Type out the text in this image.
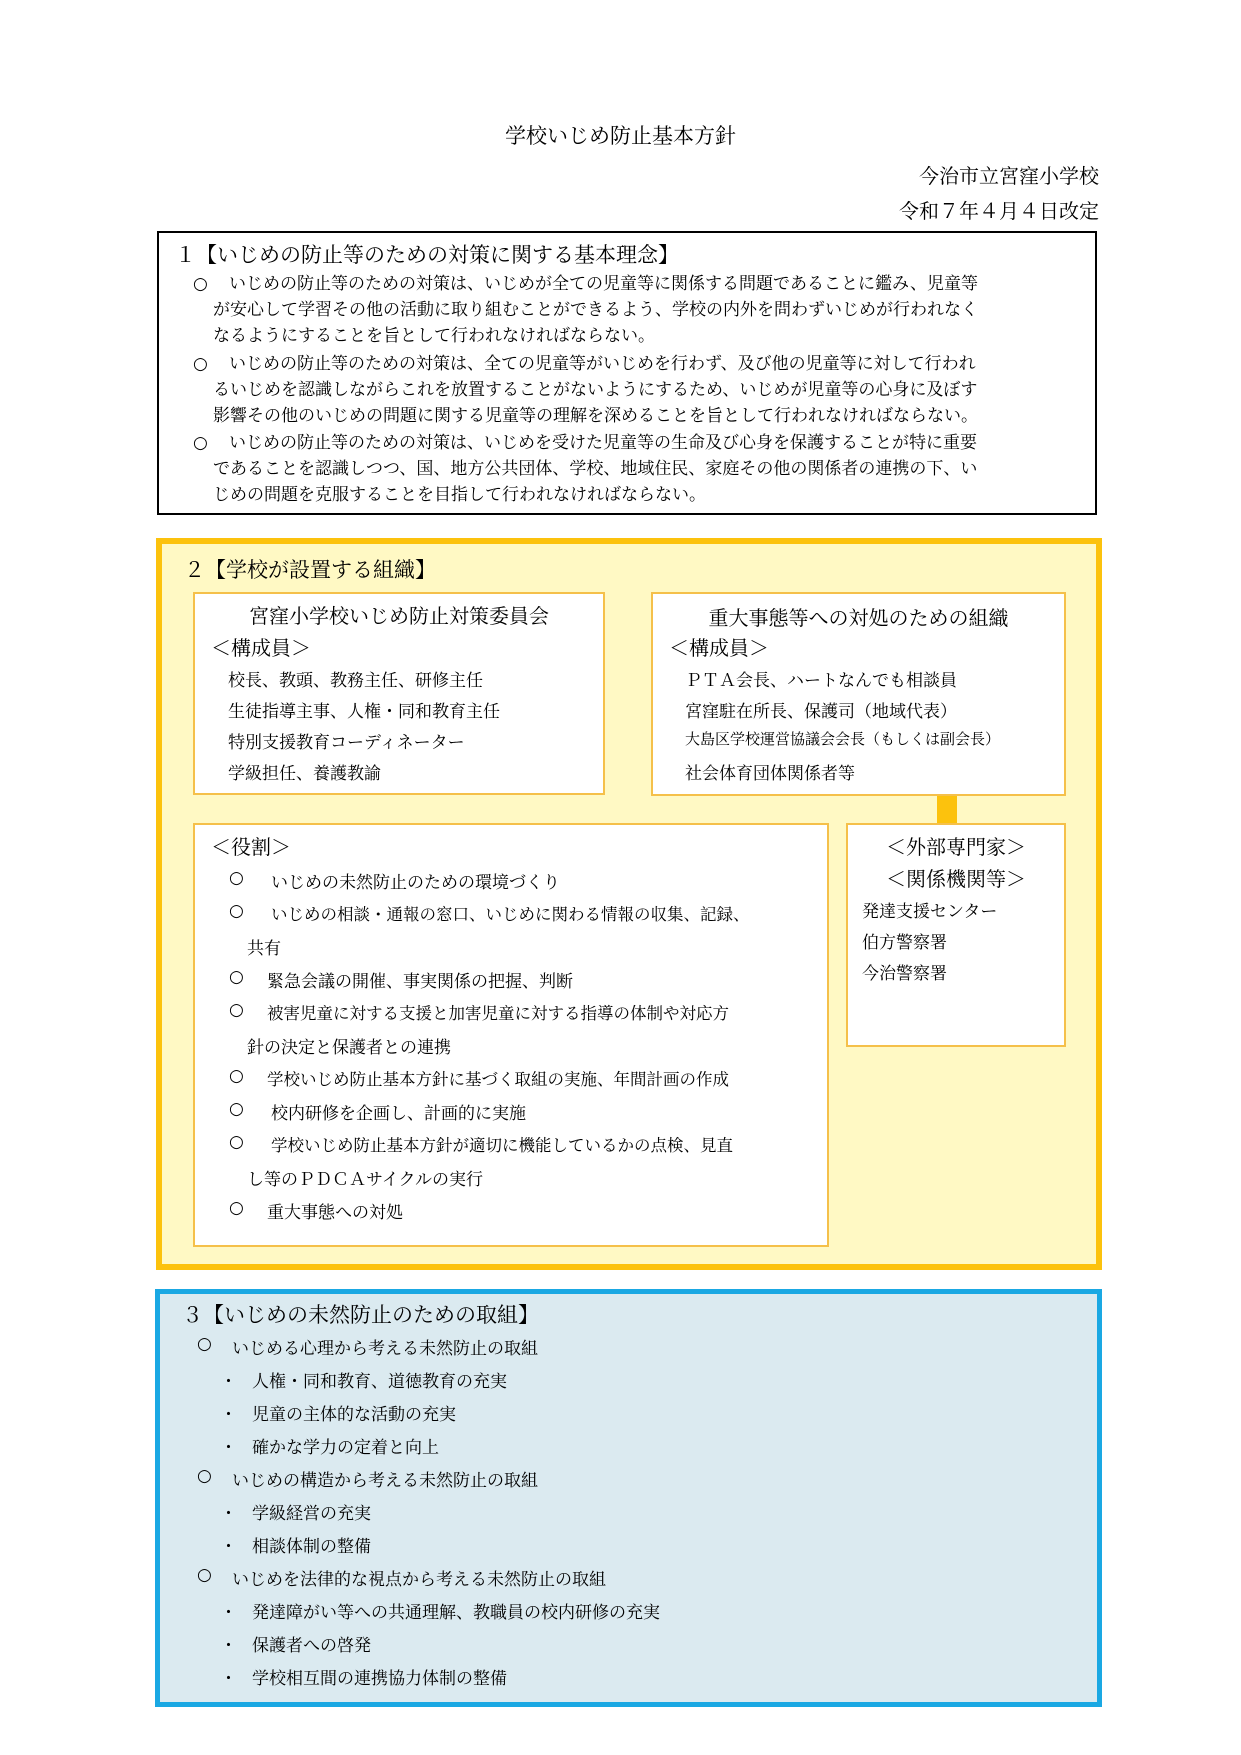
学校いじめ防止基本方針
今治市立宮窪小学校
令和７年４月４日改定
１【いじめの防止等のための対策に関する基本理念】
○ いじめの防止等のための対策は、いじめが全ての児童等に関係する問題であることに鑑み、児童等
が安心して学習その他の活動に取り組むことができるよう、学校の内外を問わずいじめが行われなく
なるようにすることを旨として行われなければならない。
○ いじめの防止等のための対策は、全ての児童等がいじめを行わず、及び他の児童等に対して行われ
るいじめを認識しながらこれを放置することがないようにするため、いじめが児童等の心身に及ぼす
影響その他のいじめの問題に関する児童等の理解を深めることを旨として行われなければならない。
○ いじめの防止等のための対策は、いじめを受けた児童等の生命及び心身を保護することが特に重要
であることを認識しつつ、国、地方公共団体、学校、地域住民、家庭その他の関係者の連携の下、い
じめの問題を克服することを目指して行われなければならない。
２【学校が設置する組織】
宮窪小学校いじめ防止対策委員会
＜構成員＞
校長、教頭、教務主任、研修主任
生徒指導主事、人権・同和教育主任
特別支援教育コーディネーター
学級担任、養護教諭
重大事態等への対処のための組織
＜構成員＞
ＰＴＡ会長、ハートなんでも相談員
宮窪駐在所長、保護司（地域代表）
大島区学校運営協議会会長（もしくは副会長）
社会体育団体関係者等
＜役割＞
○ いじめの未然防止のための環境づくり
○ いじめの相談・通報の窓口、いじめに関わる情報の収集、記録、
共有
○ 緊急会議の開催、事実関係の把握、判断
○ 被害児童に対する支援と加害児童に対する指導の体制や対応方
針の決定と保護者との連携
○ 学校いじめ防止基本方針に基づく取組の実施、年間計画の作成
○ 校内研修を企画し、計画的に実施
○ 学校いじめ防止基本方針が適切に機能しているかの点検、見直
し等のＰＤＣＡサイクルの実行
○ 重大事態への対処
＜外部専門家＞
＜関係機関等＞
発達支援センター
伯方警察署
今治警察署
３【いじめの未然防止のための取組】
○ いじめる心理から考える未然防止の取組
・ 人権・同和教育、道徳教育の充実
・ 児童の主体的な活動の充実
・ 確かな学力の定着と向上
○ いじめの構造から考える未然防止の取組
・ 学級経営の充実
・ 相談体制の整備
○ いじめを法律的な視点から考える未然防止の取組
・ 発達障がい等への共通理解、教職員の校内研修の充実
・ 保護者への啓発
・ 学校相互間の連携協力体制の整備
